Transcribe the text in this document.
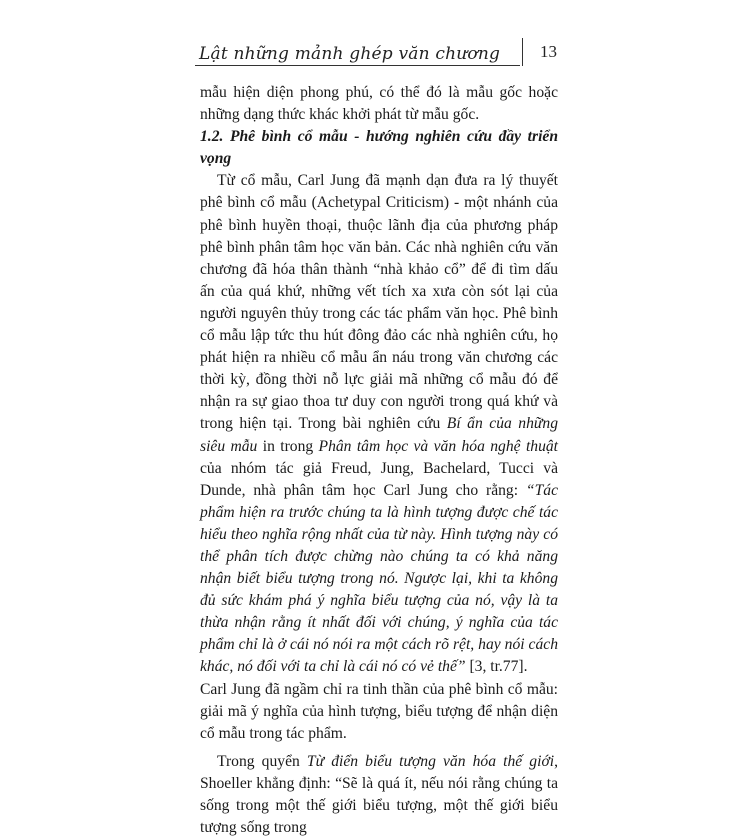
Lật những mảnh ghép văn chương 13

mẫu hiện diện phong phú, có thể đó là mẫu gốc hoặc những dạng thức khác khởi phát từ mẫu gốc.

1.2. Phê bình cổ mẫu - hướng nghiên cứu đầy triển vọng

Từ cổ mẫu, Carl Jung đã mạnh dạn đưa ra lý thuyết phê bình cổ mẫu (Achetypal Criticism) - một nhánh của phê bình huyền thoại, thuộc lãnh địa của phương pháp phê bình phân tâm học văn bản. Các nhà nghiên cứu văn chương đã hóa thân thành “nhà khảo cổ” để đi tìm dấu ấn của quá khứ, những vết tích xa xưa còn sót lại của người nguyên thủy trong các tác phẩm văn học. Phê bình cổ mẫu lập tức thu hút đông đảo các nhà nghiên cứu, họ phát hiện ra nhiều cổ mẫu ẩn náu trong văn chương các thời kỳ, đồng thời nỗ lực giải mã những cổ mẫu đó để nhận ra sự giao thoa tư duy con người trong quá khứ và trong hiện tại. Trong bài nghiên cứu Bí ẩn của những siêu mẫu in trong Phân tâm học và văn hóa nghệ thuật của nhóm tác giả Freud, Jung, Bachelard, Tucci và Dunde, nhà phân tâm học Carl Jung cho rằng: “Tác phẩm hiện ra trước chúng ta là hình tượng được chế tác hiểu theo nghĩa rộng nhất của từ này. Hình tượng này có thể phân tích được chừng nào chúng ta có khả năng nhận biết biểu tượng trong nó. Ngược lại, khi ta không đủ sức khám phá ý nghĩa biểu tượng của nó, vậy là ta thừa nhận rằng ít nhất đối với chúng, ý nghĩa của tác phẩm chỉ là ở cái nó nói ra một cách rõ rệt, hay nói cách khác, nó đối với ta chỉ là cái nó có vẻ thế” [3, tr.77].

Carl Jung đã ngầm chỉ ra tinh thần của phê bình cổ mẫu: giải mã ý nghĩa của hình tượng, biểu tượng để nhận diện cổ mẫu trong tác phẩm.

Trong quyển Từ điển biểu tượng văn hóa thế giới, Shoeller khẳng định: “Sẽ là quá ít, nếu nói rằng chúng ta sống trong một thế giới biểu tượng, một thế giới biểu tượng sống trong
